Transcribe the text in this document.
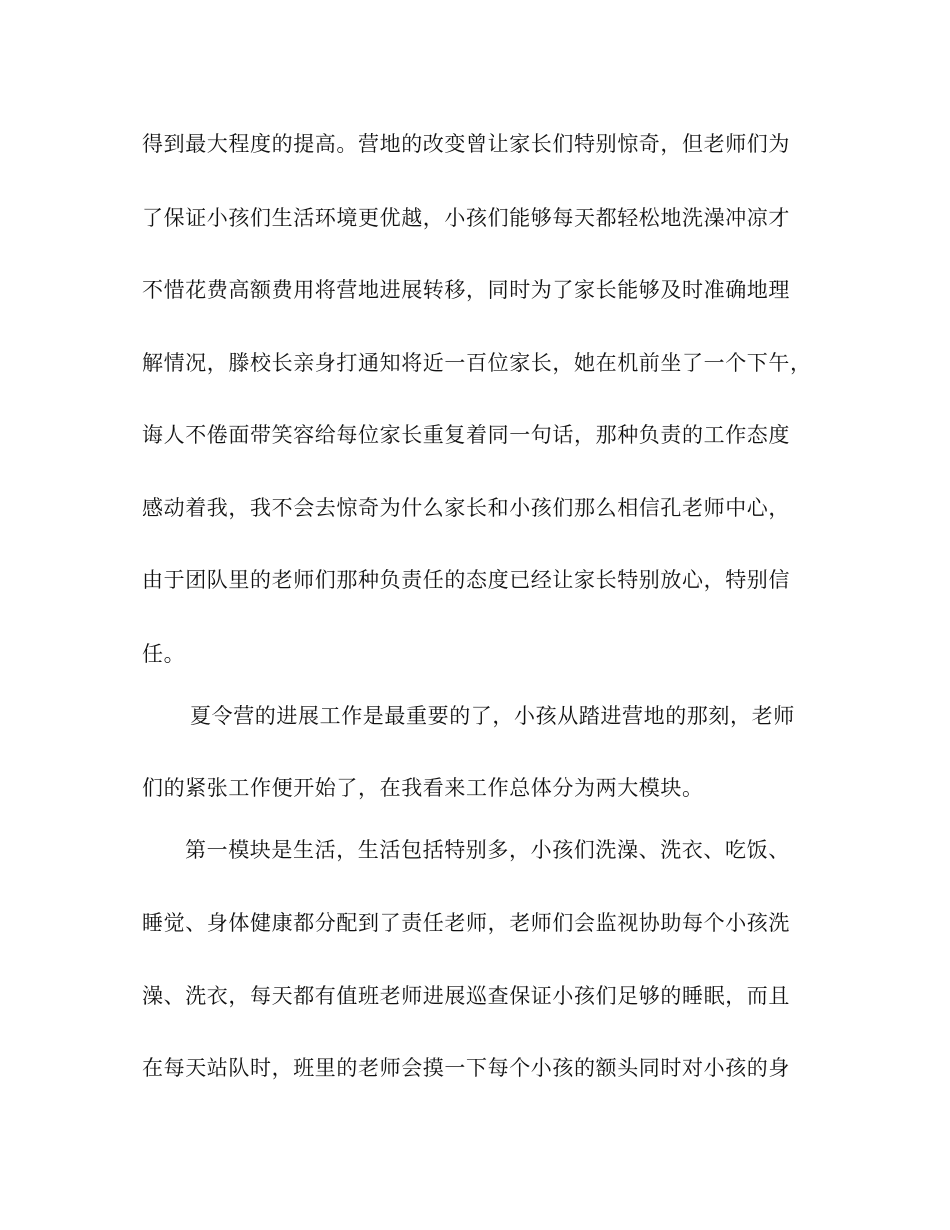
得到最大程度的提高。营地的改变曾让家长们特别惊奇，但老师们为

了保证小孩们生活环境更优越，小孩们能够每天都轻松地洗澡冲凉才

不惜花费高额费用将营地进展转移，同时为了家长能够及时准确地理

解情况，滕校长亲身打通知将近一百位家长，她在机前坐了一个下午，

诲人不倦面带笑容给每位家长重复着同一句话，那种负责的工作态度

感动着我，我不会去惊奇为什么家长和小孩们那么相信孔老师中心，

由于团队里的老师们那种负责任的态度已经让家长特别放心，特别信

任。

夏令营的进展工作是最重要的了，小孩从踏进营地的那刻，老师

们的紧张工作便开始了，在我看来工作总体分为两大模块。

第一模块是生活，生活包括特别多，小孩们洗澡、洗衣、吃饭、

睡觉、身体健康都分配到了责任老师，老师们会监视协助每个小孩洗

澡、洗衣，每天都有值班老师进展巡查保证小孩们足够的睡眠，而且

在每天站队时，班里的老师会摸一下每个小孩的额头同时对小孩的身
